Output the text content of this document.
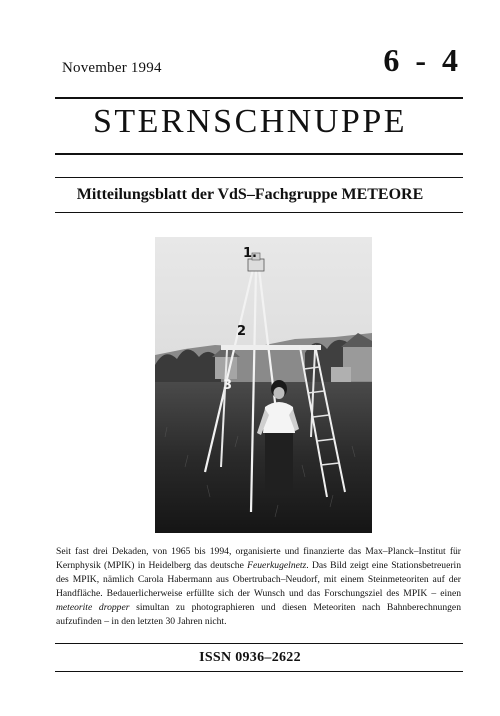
November 1994	6 - 4
STERNSCHNUPPE
Mitteilungsblatt der VdS–Fachgruppe METEORE
1.
2
3
Seit fast drei Dekaden, von 1965 bis 1994, organisierte und finanzierte das Max–Planck–Institut für Kernphysik (MPIK) in Heidelberg das deutsche Feuerkugelnetz. Das Bild zeigt eine Stationsbetreuerin des MPIK, nämlich Carola Habermann aus Obertrubach–Neudorf, mit einem Steinmeteoriten auf der Handfläche. Bedauerlicherweise erfüllte sich der Wunsch und das Forschungsziel des MPIK – einen meteorite dropper simultan zu photographieren und diesen Meteoriten nach Bahnberechnungen aufzufinden – in den letzten 30 Jahren nicht.
ISSN 0936–2622
